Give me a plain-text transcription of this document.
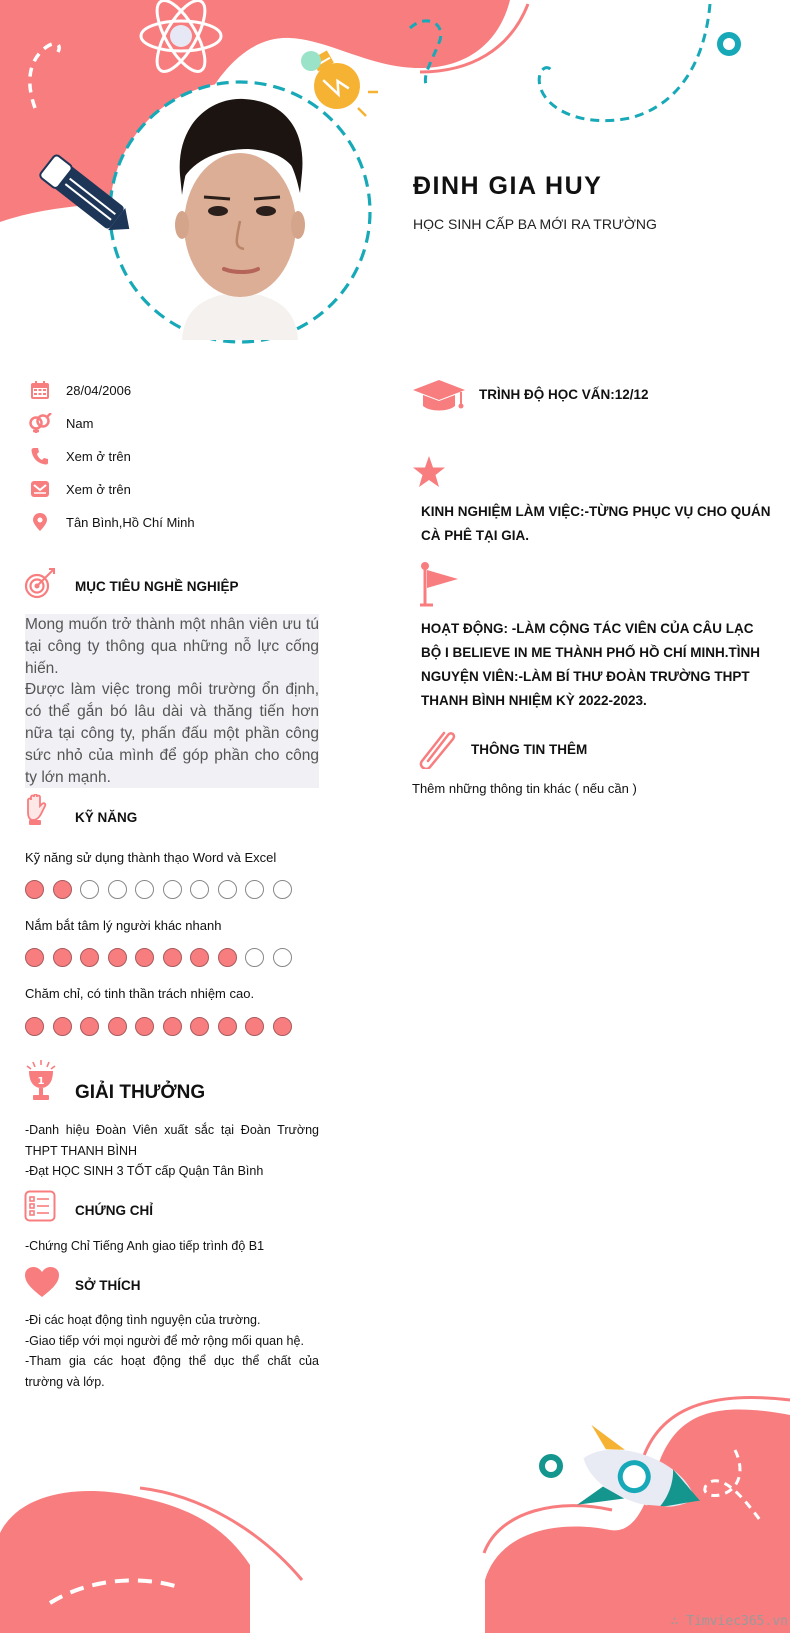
ĐINH GIA HUY
HỌC SINH CẤP BA MỚI RA TRƯỜNG
28/04/2006
Nam
Xem ở trên
Xem ở trên
Tân Bình,Hồ Chí Minh
MỤC TIÊU NGHỀ NGHIỆP

Mong muốn trở thành một nhân viên ưu tú tại công ty thông qua những nỗ lực cống hiến.

Được làm việc trong môi trường ổn định, có thể gắn bó lâu dài và thăng tiến hơn nữa tại công ty, phấn đấu một phần công sức nhỏ của mình để góp phần cho công ty lớn mạnh.

KỸ NĂNG
Kỹ năng sử dụng thành thạo Word và Excel
Nắm bắt tâm lý người khác nhanh
Chăm chỉ, có tinh thần trách nhiệm cao.
1
GIẢI THƯỞNG

-Danh hiệu Đoàn Viên xuất sắc tại Đoàn Trường THPT THANH BÌNH

-Đạt HỌC SINH 3 TỐT cấp Quận Tân Bình

CHỨNG CHỈ

-Chứng Chỉ Tiếng Anh giao tiếp trình độ B1

SỞ THÍCH

-Đi các hoạt động tình nguyện của trường.

-Giao tiếp với mọi người để mở rộng mối quan hệ.

-Tham gia các hoạt động thể dục thể chất của trường và lớp.

TRÌNH ĐỘ HỌC VẤN:12/12
KINH NGHIỆM LÀM VIỆC:-TỪNG PHỤC VỤ CHO QUÁN CÀ PHÊ TẠI GIA.
HOẠT ĐỘNG: -LÀM CỘNG TÁC VIÊN CỦA CÂU LẠC BỘ I BELIEVE IN ME THÀNH PHỐ HỒ CHÍ MINH.TÌNH NGUYỆN VIÊN:-LÀM BÍ THƯ ĐOÀN TRƯỜNG THPT THANH BÌNH NHIỆM KỲ 2022-2023.
THÔNG TIN THÊM
Thêm những thông tin khác ( nếu cần )
∴ Timviec365.vn
